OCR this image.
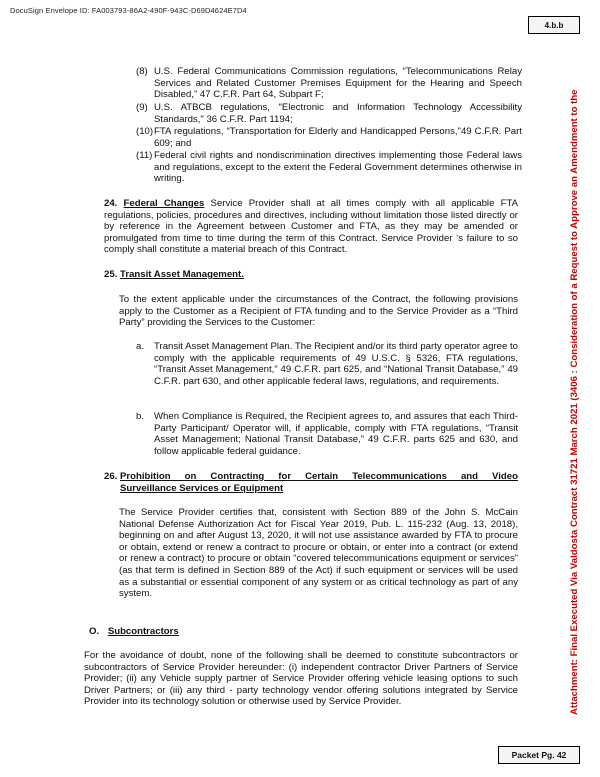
DocuSign Envelope ID: FA003793-86A2-490F-943C-D69D4624E7D4
4.b.b
(8) U.S. Federal Communications Commission regulations, “Telecommunications Relay Services and Related Customer Premises Equipment for the Hearing and Speech Disabled,” 47 C.F.R. Part 64, Subpart F;
(9) U.S. ATBCB regulations, "Electronic and Information Technology Accessibility Standards," 36 C.F.R. Part 1194;
(10) FTA regulations, “Transportation for Elderly and Handicapped Persons,"49 C.F.R. Part 609; and
(11) Federal civil rights and nondiscrimination directives implementing those Federal laws and regulations, except to the extent the Federal Government determines otherwise in writing.
24. Federal Changes Service Provider shall at all times comply with all applicable FTA regulations, policies, procedures and directives, including without limitation those listed directly or by reference in the Agreement between Customer and FTA, as they may be amended or promulgated from time to time during the term of this Contract. Service Provider ‘s failure to so comply shall constitute a material breach of this Contract.
25. Transit Asset Management.
To the extent applicable under the circumstances of the Contract, the following provisions apply to the Customer as a Recipient of FTA funding and to the Service Provider as a “Third Party” providing the Services to the Customer:
a. Transit Asset Management Plan. The Recipient and/or its third party operator agree to comply with the applicable requirements of 49 U.S.C. § 5326, FTA regulations, “Transit Asset Management,” 49 C.F.R. part 625, and “National Transit Database,” 49 C.F.R. part 630, and other applicable federal laws, regulations, and requirements.
b. When Compliance is Required, the Recipient agrees to, and assures that each Third-Party Participant/ Operator will, if applicable, comply with FTA regulations, “Transit Asset Management; National Transit Database,” 49 C.F.R. parts 625 and 630, and follow applicable federal guidance.
26. Prohibition on Contracting for Certain Telecommunications and Video
Surveillance Services or Equipment
The Service Provider certifies that, consistent with Section 889 of the John S. McCain National Defense Authorization Act for Fiscal Year 2019, Pub. L. 115-232 (Aug. 13, 2018), beginning on and after August 13, 2020, it will not use assistance awarded by FTA to procure or obtain, extend or renew a contract to procure or obtain, or enter into a contract (or extend or renew a contract) to procure or obtain “covered telecommunications equipment or services” (as that term is defined in Section 889 of the Act) if such equipment or services will be used as a substantial or essential component of any system or as critical technology as part of any system.
O. Subcontractors
For the avoidance of doubt, none of the following shall be deemed to constitute subcontractors or subcontractors of Service Provider hereunder: (i) independent contractor Driver Partners of Service Provider; (ii) any Vehicle supply partner of Service Provider offering vehicle leasing options to such Driver Partners; or (iii) any third - party technology vendor offering solutions integrated by Service Provider into its technology solution or otherwise used by Service Provider.	Attachment: Final Executed Via Valdosta Contract 31721 March 2021 (3406 : Consideration of a Request to Approve an Amendment to the
Packet Pg. 42
